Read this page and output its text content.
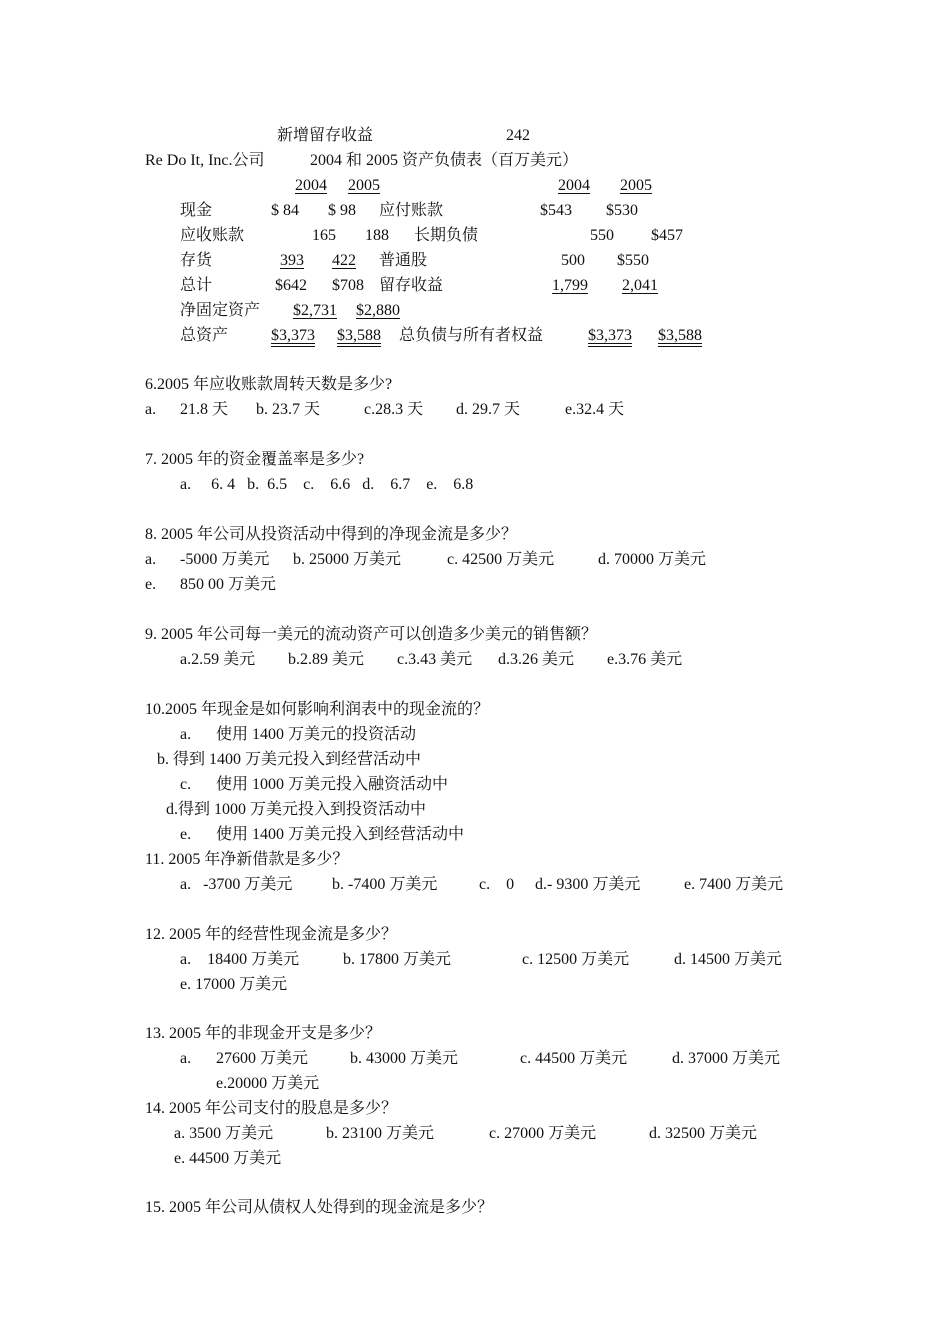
新增留存收益	242
Re Do It, Inc.公司	2004 和 2005 资产负债表（百万美元）
2004 2005	2004 2005
现金	$ 84 $ 98 应付账款	$543 $530
应收账款	165 188 长期负债	550 $457
存货	393 422 普通股	500 $550
总计	$642 $708 留存收益	1,799	2,041
净固定资产 $2,731	$2,880
总资产	$3,373	$3,588	总负债与所有者权益	$3,373 $3,588
6.2005 年应收账款周转天数是多少?
a. 21.8 天 b. 23.7 天	c.28.3 天 d. 29.7 天	e.32.4 天
7. 2005 年的资金覆盖率是多少?
a.     6. 4   b.  6.5    c.    6.6   d.    6.7    e.    6.8
8. 2005 年公司从投资活动中得到的净现金流是多少？
a. -5000 万美元 b. 25000 万美元	c. 42500 万美元	d. 70000 万美元
e. 850 00 万美元
9. 2005 年公司每一美元的流动资产可以创造多少美元的销售额？
a.2.59 美元 b.2.89 美元 c.3.43 美元 d.3.26 美元 e.3.76 美元
10.2005 年现金是如何影响利润表中的现金流的？
a. 使用 1400 万美元的投资活动
b. 得到 1400 万美元投入到经营活动中
c. 使用 1000 万美元投入融资活动中
d.得到 1000 万美元投入到投资活动中
e. 使用 1400 万美元投入到经营活动中
11. 2005 年净新借款是多少？
a.   -3700 万美元 b. -7400 万美元	c.    0 d.- 9300 万美元	e. 7400 万美元
12. 2005 年的经营性现金流是多少？
a.    18400 万美元	b. 17800 万美元	c. 12500 万美元	d. 14500 万美元
e. 17000 万美元
13. 2005 年的非现金开支是多少？
a. 27600 万美元	b. 43000 万美元	c. 44500 万美元	d. 37000 万美元
e.20000 万美元
14. 2005 年公司支付的股息是多少？
a. 3500 万美元	b. 23100 万美元	c. 27000 万美元	d. 32500 万美元
e. 44500 万美元
15. 2005 年公司从债权人处得到的现金流是多少？
